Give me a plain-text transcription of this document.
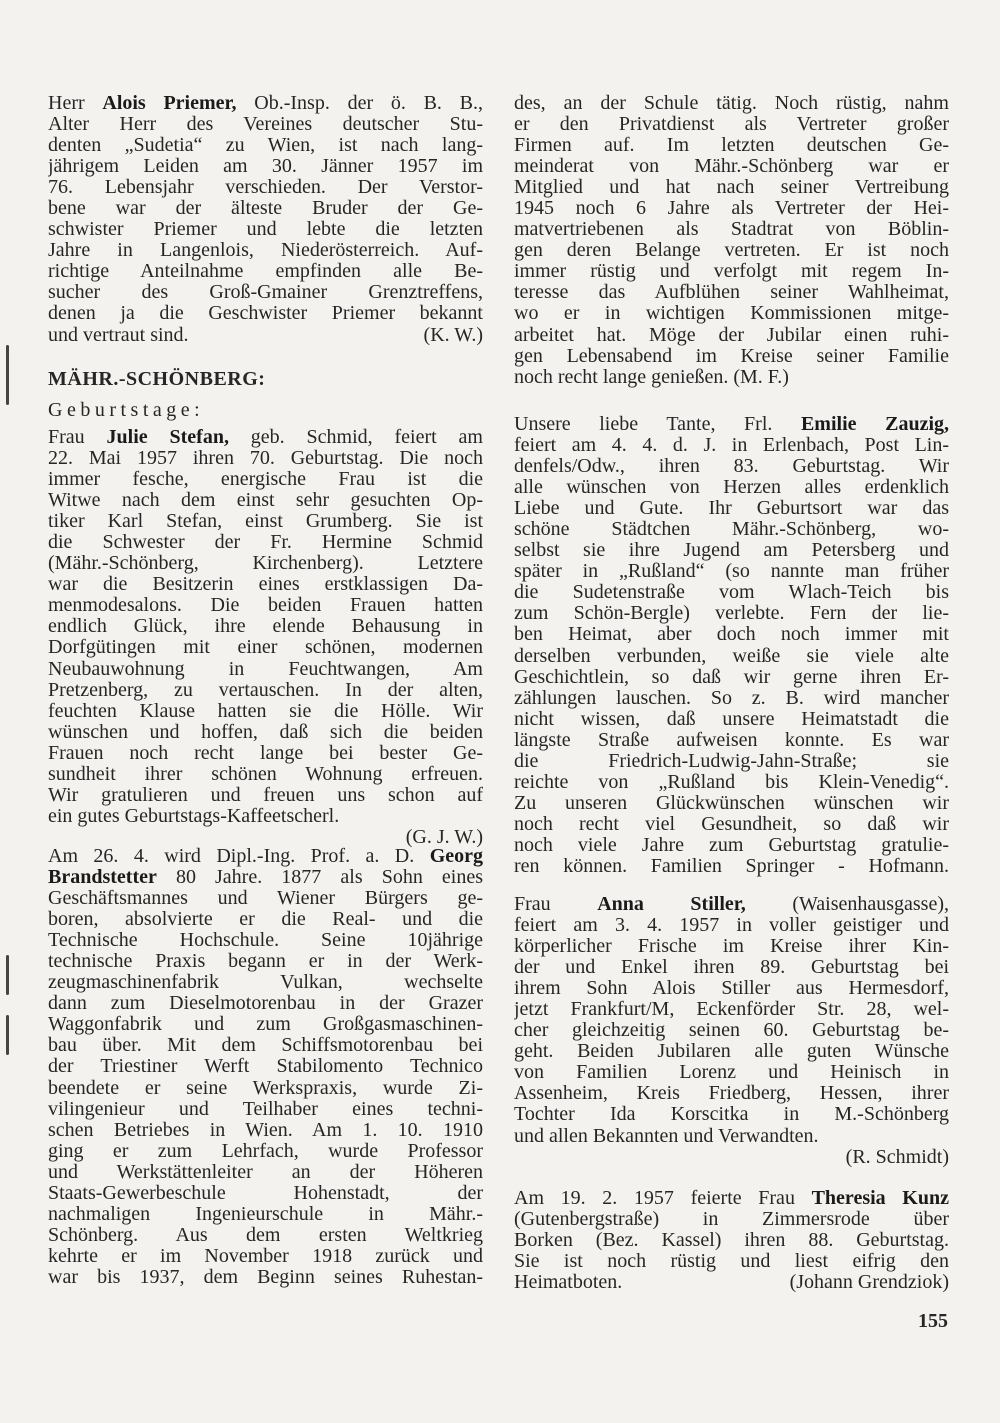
Herr Alois Priemer, Ob.-Insp. der ö. B. B.,
Alter Herr des Vereines deutscher Stu-
denten „Sudetia“ zu Wien, ist nach lang-
jährigem Leiden am 30. Jänner 1957 im
76. Lebensjahr verschieden. Der Verstor-
bene war der älteste Bruder der Ge-
schwister Priemer und lebte die letzten
Jahre in Langenlois, Niederösterreich. Auf-
richtige Anteilnahme empfinden alle Be-
sucher des Groß-Gmainer Grenztreffens,
denen ja die Geschwister Priemer bekannt
(K. W.)
und vertraut sind.
MÄHR.-SCHÖNBERG:
Geburtstage:
Frau Julie Stefan, geb. Schmid, feiert am
22. Mai 1957 ihren 70. Geburtstag. Die noch
immer fesche, energische Frau ist die
Witwe nach dem einst sehr gesuchten Op-
tiker Karl Stefan, einst Grumberg. Sie ist
die Schwester der Fr. Hermine Schmid
(Mähr.-Schönberg, Kirchenberg). Letztere
war die Besitzerin eines erstklassigen Da-
menmodesalons. Die beiden Frauen hatten
endlich Glück, ihre elende Behausung in
Dorfgütingen mit einer schönen, modernen
Neubauwohnung in Feuchtwangen, Am
Pretzenberg, zu vertauschen. In der alten,
feuchten Klause hatten sie die Hölle. Wir
wünschen und hoffen, daß sich die beiden
Frauen noch recht lange bei bester Ge-
sundheit ihrer schönen Wohnung erfreuen.
Wir gratulieren und freuen uns schon auf
ein gutes Geburtstags-Kaffeetscherl.
(G. J. W.)
Am 26. 4. wird Dipl.-Ing. Prof. a. D. Georg
Brandstetter 80 Jahre. 1877 als Sohn eines
Geschäftsmannes und Wiener Bürgers ge-
boren, absolvierte er die Real- und die
Technische Hochschule. Seine 10jährige
technische Praxis begann er in der Werk-
zeugmaschinenfabrik Vulkan, wechselte
dann zum Dieselmotorenbau in der Grazer
Waggonfabrik und zum Großgasmaschinen-
bau über. Mit dem Schiffsmotorenbau bei
der Triestiner Werft Stabilomento Technico
beendete er seine Werkspraxis, wurde Zi-
vilingenieur und Teilhaber eines techni-
schen Betriebes in Wien. Am 1. 10. 1910
ging er zum Lehrfach, wurde Professor
und Werkstättenleiter an der Höheren
Staats-Gewerbeschule Hohenstadt, der
nachmaligen Ingenieurschule in Mähr.-
Schönberg. Aus dem ersten Weltkrieg
kehrte er im November 1918 zurück und
war bis 1937, dem Beginn seines Ruhestan-
des, an der Schule tätig. Noch rüstig, nahm
er den Privatdienst als Vertreter großer
Firmen auf. Im letzten deutschen Ge-
meinderat von Mähr.-Schönberg war er
Mitglied und hat nach seiner Vertreibung
1945 noch 6 Jahre als Vertreter der Hei-
matvertriebenen als Stadtrat von Böblin-
gen deren Belange vertreten. Er ist noch
immer rüstig und verfolgt mit regem In-
teresse das Aufblühen seiner Wahlheimat,
wo er in wichtigen Kommissionen mitge-
arbeitet hat. Möge der Jubilar einen ruhi-
gen Lebensabend im Kreise seiner Familie
noch recht lange genießen. (M. F.)
Unsere liebe Tante, Frl. Emilie Zauzig,
feiert am 4. 4. d. J. in Erlenbach, Post Lin-
denfels/Odw., ihren 83. Geburtstag. Wir
alle wünschen von Herzen alles erdenklich
Liebe und Gute. Ihr Geburtsort war das
schöne Städtchen Mähr.-Schönberg, wo-
selbst sie ihre Jugend am Petersberg und
später in „Rußland“ (so nannte man früher
die Sudetenstraße vom Wlach-Teich bis
zum Schön-Bergle) verlebte. Fern der lie-
ben Heimat, aber doch noch immer mit
derselben verbunden, weiße sie viele alte
Geschichtlein, so daß wir gerne ihren Er-
zählungen lauschen. So z. B. wird mancher
nicht wissen, daß unsere Heimatstadt die
längste Straße aufweisen konnte. Es war
die Friedrich-Ludwig-Jahn-Straße; sie
reichte von „Rußland bis Klein-Venedig“.
Zu unseren Glückwünschen wünschen wir
noch recht viel Gesundheit, so daß wir
noch viele Jahre zum Geburtstag gratulie-
ren können. Familien Springer - Hofmann.
Frau Anna Stiller, (Waisenhausgasse),
feiert am 3. 4. 1957 in voller geistiger und
körperlicher Frische im Kreise ihrer Kin-
der und Enkel ihren 89. Geburtstag bei
ihrem Sohn Alois Stiller aus Hermesdorf,
jetzt Frankfurt/M, Eckenförder Str. 28, wel-
cher gleichzeitig seinen 60. Geburtstag be-
geht. Beiden Jubilaren alle guten Wünsche
von Familien Lorenz und Heinisch in
Assenheim, Kreis Friedberg, Hessen, ihrer
Tochter Ida Korscitka in M.-Schönberg
und allen Bekannten und Verwandten.
(R. Schmidt)
Am 19. 2. 1957 feierte Frau Theresia Kunz
(Gutenbergstraße) in Zimmersrode über
Borken (Bez. Kassel) ihren 88. Geburtstag.
Sie ist noch rüstig und liest eifrig den
(Johann Grendziok)
Heimatboten.
155
